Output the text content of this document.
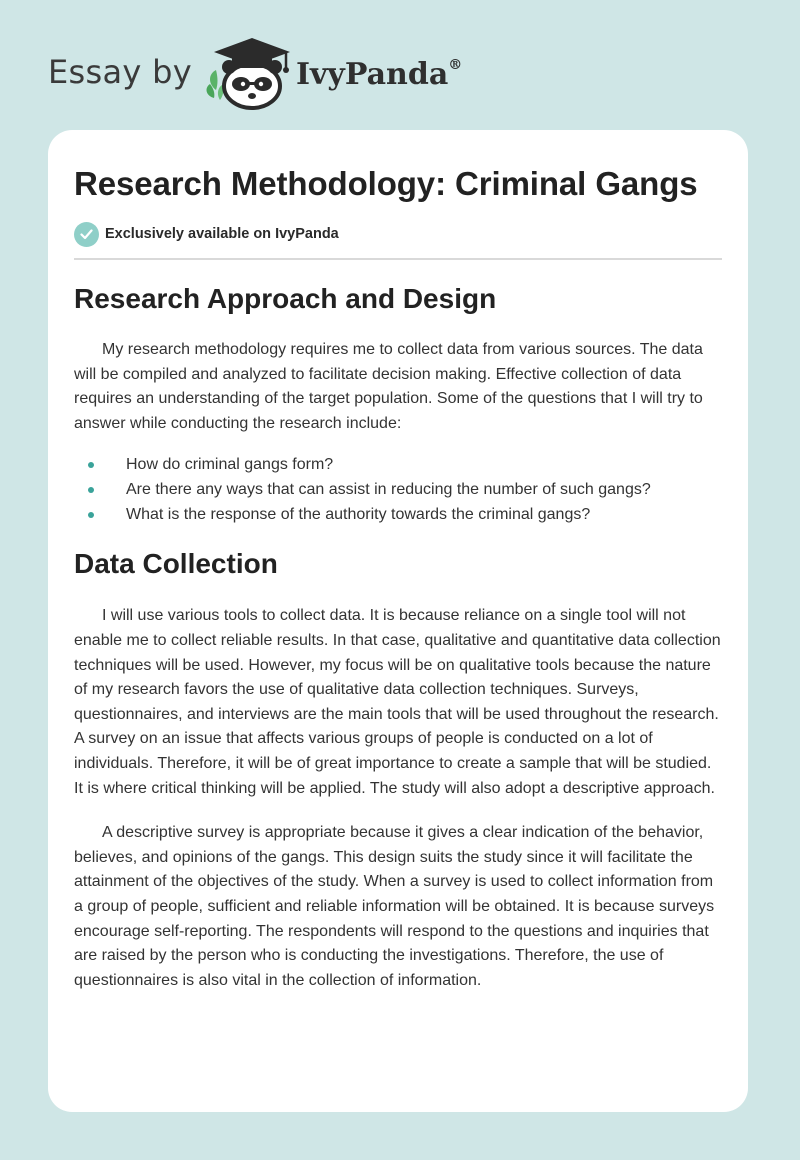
Essay by	IvyPanda®
Research Methodology: Criminal Gangs
Exclusively available on IvyPanda
Research Approach and Design

My research methodology requires me to collect data from various sources. The data will be compiled and analyzed to facilitate decision making. Effective collection of data requires an understanding of the target population. Some of the questions that I will try to answer while conducting the research include:

How do criminal gangs form?
Are there any ways that can assist in reducing the number of such gangs?
What is the response of the authority towards the criminal gangs?
Data Collection

I will use various tools to collect data. It is because reliance on a single tool will not enable me to collect reliable results. In that case, qualitative and quantitative data collection techniques will be used. However, my focus will be on qualitative tools because the nature of my research favors the use of qualitative data collection techniques. Surveys, questionnaires, and interviews are the main tools that will be used throughout the research. A survey on an issue that affects various groups of people is conducted on a lot of individuals. Therefore, it will be of great importance to create a sample that will be studied. It is where critical thinking will be applied. The study will also adopt a descriptive approach.

A descriptive survey is appropriate because it gives a clear indication of the behavior, believes, and opinions of the gangs. This design suits the study since it will facilitate the attainment of the objectives of the study. When a survey is used to collect information from a group of people, sufficient and reliable information will be obtained. It is because surveys encourage self-reporting. The respondents will respond to the questions and inquiries that are raised by the person who is conducting the investigations. Therefore, the use of questionnaires is also vital in the collection of information.
